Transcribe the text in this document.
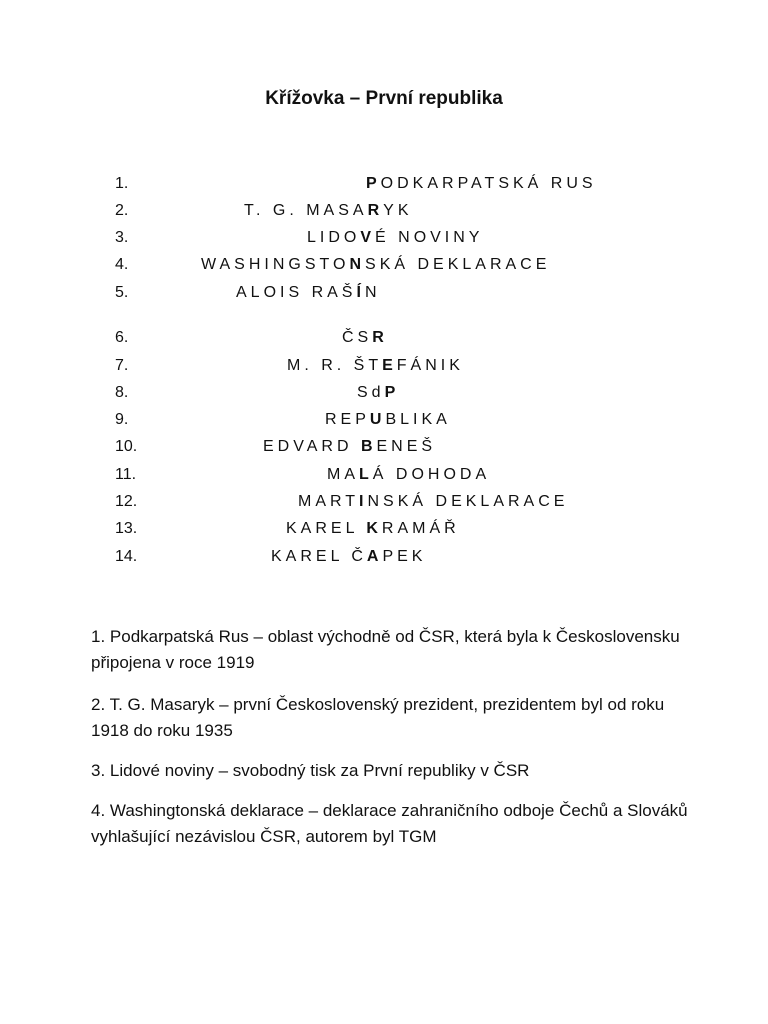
Křížovka – První republika
1.	PODKARPATSKÁ RUS
2.	T. G. MASARYK
3.	LIDOVÉ NOVINY
4.	WASHINGSTONSKÁ DEKLARACE
5.	ALOIS RAŠÍN
6.	ČSR
7.	M. R. ŠTEFÁNIK
8.	SdP
9.	REPUBLIKA
10.	EDVARD BENEŠ
11.	MALÁ DOHODA
12.	MARTINSKÁ DEKLARACE
13.	KAREL KRAMÁŘ
14.	KAREL ČAPEK
1. Podkarpatská Rus – oblast východně od ČSR, která byla k Československu připojena v roce 1919
2. T. G. Masaryk – první Československý prezident, prezidentem byl od roku 1918 do roku 1935
3. Lidové noviny – svobodný tisk za První republiky v ČSR
4. Washingtonská deklarace – deklarace zahraničního odboje Čechů a Slováků vyhlašující nezávislou ČSR, autorem byl TGM
